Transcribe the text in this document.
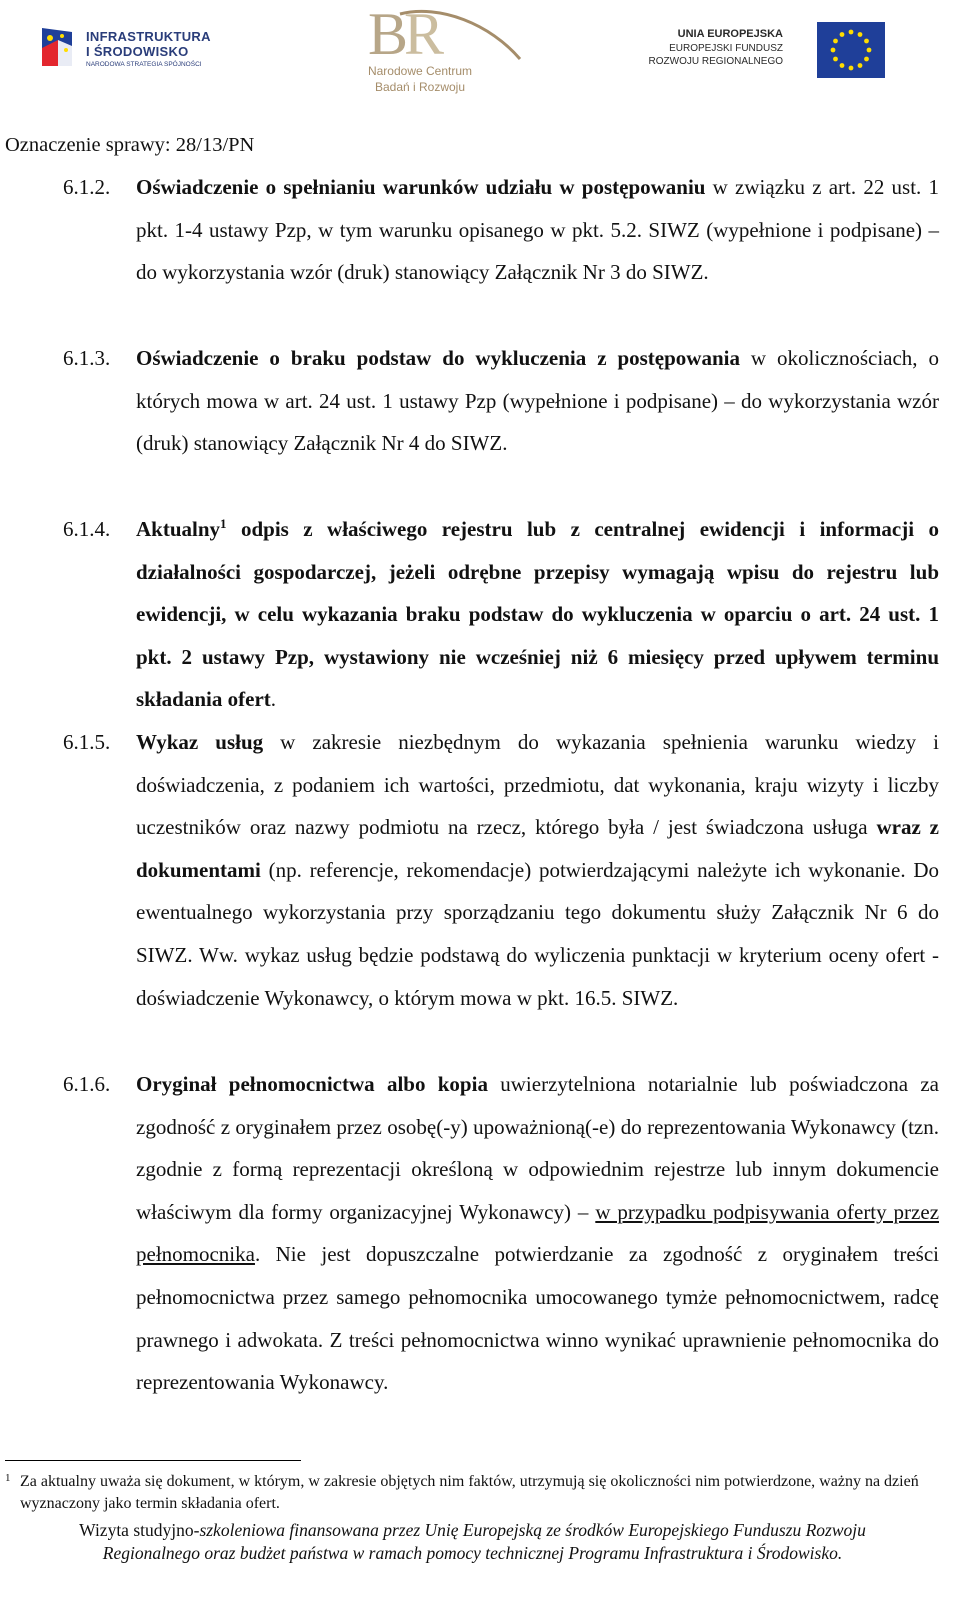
INFRASTRUKTURA
I ŚRODOWISKO
NARODOWA STRATEGIA SPÓJNOŚCI	B
R
Narodowe Centrum
Badań i Rozwoju
UNIA EUROPEJSKA
EUROPEJSKI FUNDUSZ
ROZWOJU REGIONALNEGO
Oznaczenie sprawy: 28/13/PN
6.1.2. Oświadczenie o spełnianiu warunków udziału w postępowaniu w związku z art. 22 ust. 1 pkt. 1-4 ustawy Pzp, w tym warunku opisanego w pkt. 5.2. SIWZ (wypełnione i podpisane) – do wykorzystania wzór (druk) stanowiący Załącznik Nr 3 do SIWZ.
6.1.3. Oświadczenie o braku podstaw do wykluczenia z postępowania w okolicznościach, o których mowa w art. 24 ust. 1 ustawy Pzp (wypełnione i podpisane) – do wykorzystania wzór (druk) stanowiący Załącznik Nr 4 do SIWZ.
6.1.4. Aktualny$^1$ odpis z właściwego rejestru lub z centralnej ewidencji i informacji o działalności gospodarczej, jeżeli odrębne przepisy wymagają wpisu do rejestru lub ewidencji, w celu wykazania braku podstaw do wykluczenia w oparciu o art. 24 ust. 1 pkt. 2 ustawy Pzp, wystawiony nie wcześniej niż 6 miesięcy przed upływem terminu składania ofert.
6.1.5. Wykaz usług w zakresie niezbędnym do wykazania spełnienia warunku wiedzy i doświadczenia, z podaniem ich wartości, przedmiotu, dat wykonania, kraju wizyty i liczby uczestników oraz nazwy podmiotu na rzecz, którego była / jest świadczona usługa wraz z dokumentami (np. referencje, rekomendacje) potwierdzającymi należyte ich wykonanie. Do ewentualnego wykorzystania przy sporządzaniu tego dokumentu służy Załącznik Nr 6 do SIWZ. Ww. wykaz usług będzie podstawą do wyliczenia punktacji w kryterium oceny ofert - doświadczenie Wykonawcy, o którym mowa w pkt. 16.5. SIWZ.
6.1.6. Oryginał pełnomocnictwa albo kopia uwierzytelniona notarialnie lub poświadczona za zgodność z oryginałem przez osobę(-y) upoważnioną(-e) do reprezentowania Wykonawcy (tzn. zgodnie z formą reprezentacji określoną w odpowiednim rejestrze lub innym dokumencie właściwym dla formy organizacyjnej Wykonawcy) – w przypadku podpisywania oferty przez pełnomocnika. Nie jest dopuszczalne potwierdzanie za zgodność z oryginałem treści pełnomocnictwa przez samego pełnomocnika umocowanego tymże pełnomocnictwem, radcę prawnego i adwokata. Z treści pełnomocnictwa winno wynikać uprawnienie pełnomocnika do reprezentowania Wykonawcy.
1 Za aktualny uważa się dokument, w którym, w zakresie objętych nim faktów, utrzymują się okoliczności nim potwierdzone, ważny na dzień wyznaczony jako termin składania ofert.
Wizyta studyjno-szkoleniowa finansowana przez Unię Europejską ze środków Europejskiego Funduszu Rozwoju
Regionalnego oraz budżet państwa w ramach pomocy technicznej Programu Infrastruktura i Środowisko.
